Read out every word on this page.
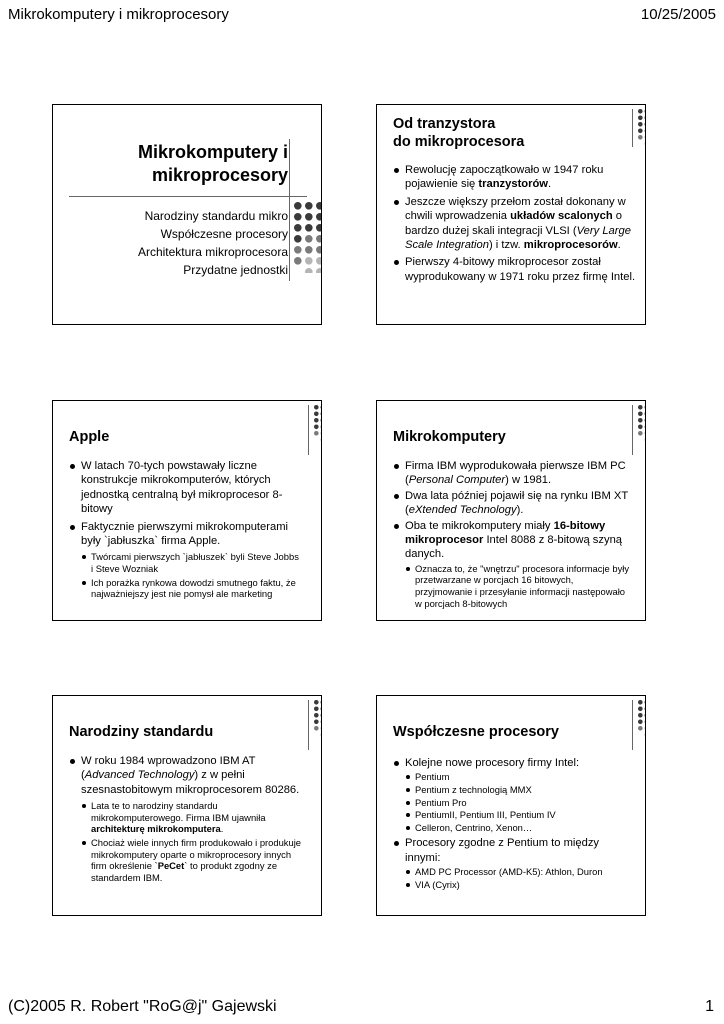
Mikrokomputery i mikroprocesory	10/25/2005
Mikrokomputery i mikroprocesory
Narodziny standardu mikro
Współczesne procesory
Architektura mikroprocesora
Przydatne jednostki
Od tranzystora
do mikroprocesora
Rewolucję zapoczątkowało w 1947 roku pojawienie się tranzystorów.
Jeszcze większy przełom został dokonany w chwili wprowadzenia układów scalonych o bardzo dużej skali integracji VLSI (Very Large Scale Integration) i tzw. mikroprocesorów.
Pierwszy 4-bitowy mikroprocesor został wyprodukowany w 1971 roku przez firmę Intel.
Apple
W latach 70-tych powstawały liczne konstrukcje mikrokomputerów, których jednostką centralną był mikroprocesor 8-bitowy
Faktycznie pierwszymi mikrokomputerami były `jabłuszka` firma Apple.
Twórcami pierwszych `jabłuszek` byli Steve Jobbs i Steve Wozniak
Ich porażka rynkowa dowodzi smutnego faktu, że najważniejszy jest nie pomysł ale marketing
Mikrokomputery
Firma IBM wyprodukowała pierwsze IBM PC (Personal Computer) w 1981.
Dwa lata później pojawił się na rynku IBM XT (eXtended Technology).
Oba te mikrokomputery miały 16-bitowy mikroprocesor Intel 8088 z 8-bitową szyną danych.
Oznacza to, że "wnętrzu" procesora informacje były przetwarzane w porcjach 16 bitowych, przyjmowanie i przesyłanie informacji następowało w porcjach 8-bitowych
Narodziny standardu
W roku 1984 wprowadzono IBM AT (Advanced Technology) z w pełni szesnastobitowym mikroprocesorem 80286.
Lata te to narodziny standardu mikrokomputerowego. Firma IBM ujawniła architekturę mikrokomputera.
Chociaż wiele innych firm produkowało i produkuje mikrokomputery oparte o mikroprocesory innych firm określenie `PeCet` to produkt zgodny ze standardem IBM.
Współczesne procesory
Kolejne nowe procesory firmy Intel:
Pentium
Pentium z technologią MMX
Pentium Pro
PentiumII, Pentium III, Pentium IV
Celleron, Centrino, Xenon…
Procesory zgodne z Pentium to między innymi:
AMD PC Processor (AMD-K5): Athlon, Duron
VIA (Cyrix)
(C)2005 R. Robert "RoG@j" Gajewski	1
